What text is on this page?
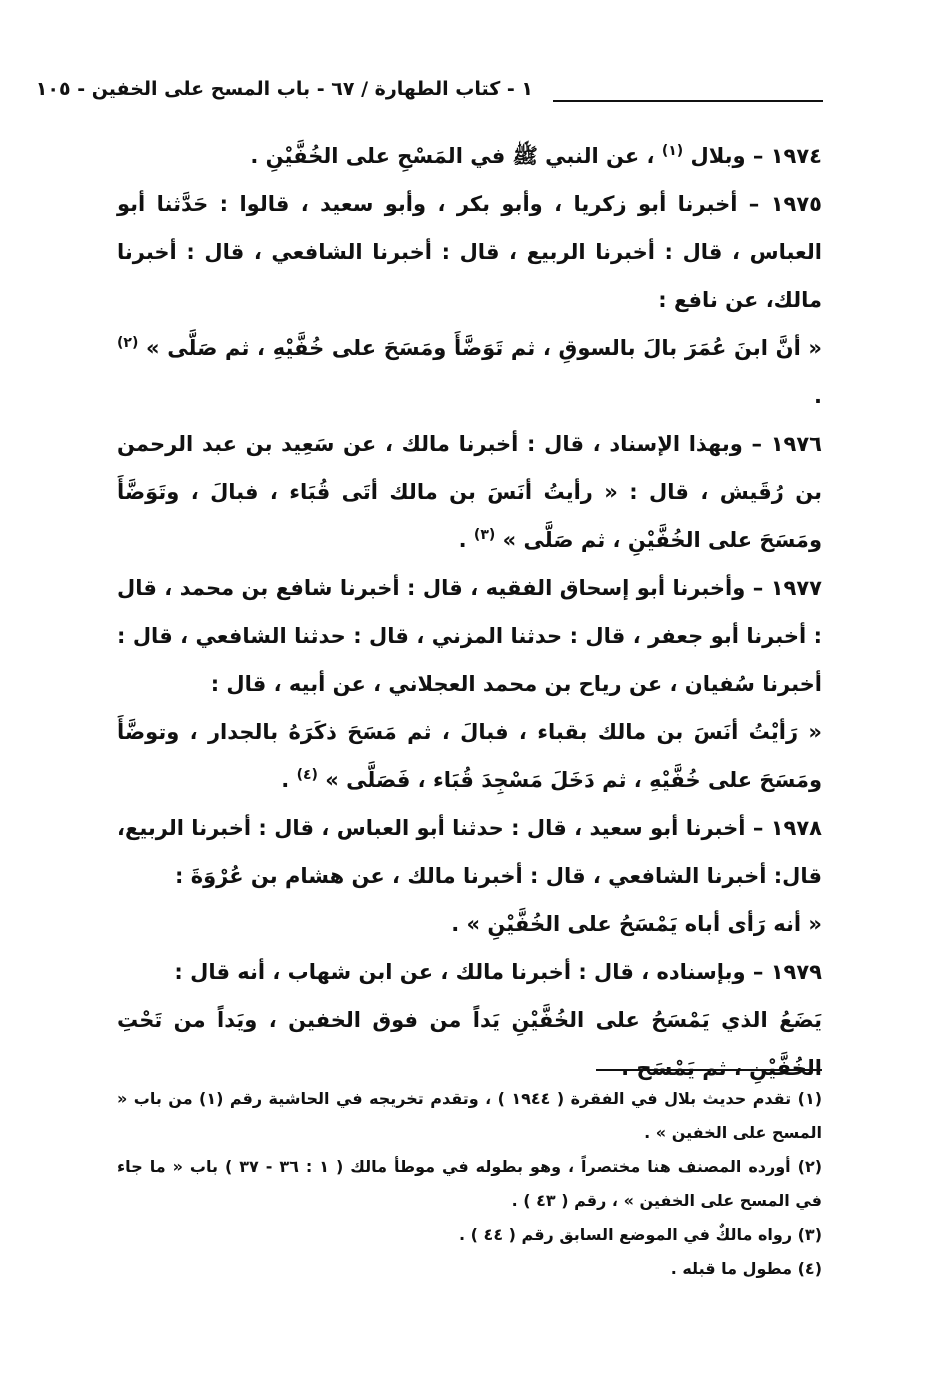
١ - كتاب الطهارة / ٦٧ - باب المسح على الخفين - ١٠٥

١٩٧٤ – وبلال $^{(١)}$ ، عن النبي ﷺ في المَسْحِ على الخُفَّيْنِ .

١٩٧٥ – أخبرنا أبو زكريا ، وأبو بكر ، وأبو سعيد ، قالوا : حَدَّثنا أبو العباس ، قال : أخبرنا الربيع ، قال : أخبرنا الشافعي ، قال : أخبرنا مالك، عن نافع :

« أنَّ ابنَ عُمَرَ بالَ بالسوقِ ، ثم تَوَضَّأَ ومَسَحَ على خُفَّيْهِ ، ثم صَلَّى » $^{(٢)}$ .

١٩٧٦ – وبهذا الإسناد ، قال : أخبرنا مالك ، عن سَعِيد بن عبد الرحمن بن رُقَيش ، قال : « رأيتُ أنَسَ بن مالك أتَى قُبَاء ، فبالَ ، وتَوَضَّأَ ومَسَحَ على الخُفَّيْنِ ، ثم صَلَّى » $^{(٣)}$ .

١٩٧٧ – وأخبرنا أبو إسحاق الفقيه ، قال : أخبرنا شافع بن محمد ، قال : أخبرنا أبو جعفر ، قال : حدثنا المزني ، قال : حدثنا الشافعي ، قال : أخبرنا سُفيان ، عن رياح بن محمد العجلاني ، عن أبيه ، قال :

« رَأيْتُ أنَسَ بن مالك بقباء ، فبالَ ، ثم مَسَحَ ذكَرَهُ بالجدار ، وتوضَّأَ ومَسَحَ على خُفَّيْهِ ، ثم دَخَلَ مَسْجِدَ قُبَاء ، فَصَلَّى » $^{(٤)}$ .

١٩٧٨ – أخبرنا أبو سعيد ، قال : حدثنا أبو العباس ، قال : أخبرنا الربيع، قال: أخبرنا الشافعي ، قال : أخبرنا مالك ، عن هشام بن عُرْوَةَ :

« أنه رَأى أباه يَمْسَحُ على الخُفَّيْنِ » .

١٩٧٩ – وبإسناده ، قال : أخبرنا مالك ، عن ابن شهاب ، أنه قال :

يَضَعُ الذي يَمْسَحُ على الخُفَّيْنِ يَداً من فوق الخفين ، ويَداً من تَحْتِ الخُفَّيْنِ ، ثم يَمْسَح .

(١) تقدم حديث بلال في الفقرة ( ١٩٤٤ ) ، وتقدم تخريجه في الحاشية رقم (١) من باب « المسح على الخفين » .

(٢) أورده المصنف هنا مختصراً ، وهو بطوله في موطأ مالك ( ١ : ٣٦ - ٣٧ ) باب « ما جاء في المسح على الخفين » ، رقم ( ٤٣ ) .

(٣) رواه مالكٌ في الموضع السابق رقم ( ٤٤ ) .

(٤) مطول ما قبله .
